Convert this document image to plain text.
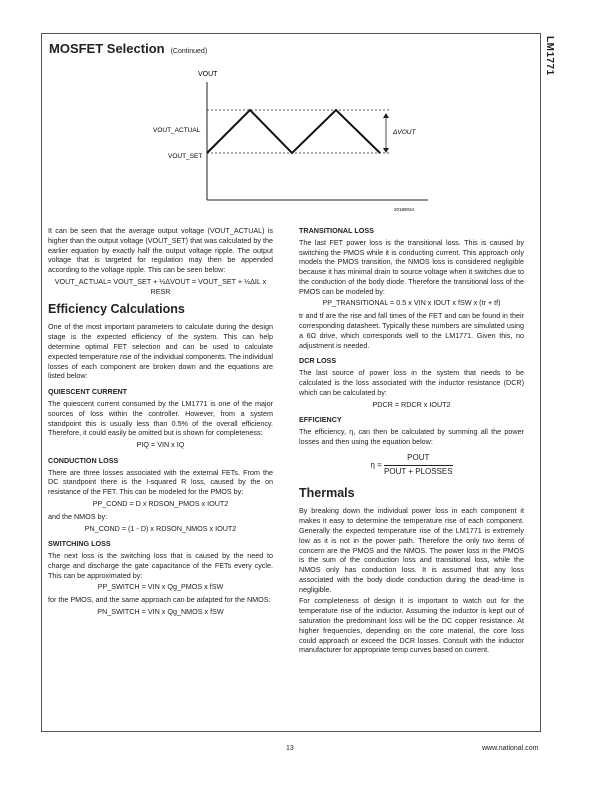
LM1771
MOSFET Selection (Continued)
VOUT
VOUT_ACTUAL
VOUT_SET
ΔVOUT
20189034

It can be seen that the average output voltage (VOUT_ACTUAL) is higher than the output voltage (VOUT_SET) that was calculated by the earlier equation by exactly half the output voltage ripple. The output voltage that is targeted for regulation may then be appended according to the voltage ripple. This can be seen below:

VOUT_ACTUAL= VOUT_SET + ½ΔVOUT = VOUT_SET + ½ΔIL x RESR
Efficiency Calculations

One of the most important parameters to calculate during the design stage is the expected efficiency of the system. This can help determine optimal FET selection and can be used to calculate expected temperature rise of the individual components. The individual losses of each component are broken down and the equations are listed below:

QUIESCENT CURRENT

The quiescent current consumed by the LM1771 is one of the major sources of loss within the controller. However, from a system standpoint this is usually less than 0.5% of the overall efficiency. Therefore, it could easily be omitted but is shown for completeness:

PIQ = VIN x IQ
CONDUCTION LOSS

There are three losses associated with the external FETs. From the DC standpoint there is the I-squared R loss, caused by the on resistance of the FET. This can be modeled for the PMOS by:

PP_COND = D x RDSON_PMOS x IOUT2

and the NMOS by:

PN_COND = (1 - D) x RDSON_NMOS x IOUT2
SWITCHING LOSS

The next loss is the switching loss that is caused by the need to charge and discharge the gate capacitance of the FETs every cycle. This can be approximated by:

PP_SWITCH = VIN x Qg_PMOS x fSW

for the PMOS, and the same approach can be adapted for the NMOS:

PN_SWITCH = VIN x Qg_NMOS x fSW
TRANSITIONAL LOSS

The last FET power loss is the transitional loss. This is caused by switching the PMOS while it is conducting current. This approach only models the PMOS transition, the NMOS loss is considered negligible because it has minimal drain to source voltage when it switches due to the conduction of the body diode. Therefore the transitional loss of the PMOS can be modeled by:

PP_TRANSITIONAL = 0.5 x VIN x IOUT x fSW x (tr + tf)

tr and tf are the rise and fall times of the FET and can be found in their corresponding datasheet. Typically these numbers are simulated using a 6Ω drive, which corresponds well to the LM1771. Given this, no adjustment is needed.

DCR LOSS

The last source of power loss in the system that needs to be calculated is the loss associated with the inductor resistance (DCR) which can be calculated by:

PDCR = RDCR x IOUT2
EFFICIENCY

The efficiency, η, can then be calculated by summing all the power losses and then using the equation below:

$\eta = \frac{\text{POUT}}{\text{POUT + PLOSSES}}$
Thermals

By breaking down the individual power loss in each component it makes it easy to determine the temperature rise of each component. Generally the expected temperature rise of the LM1771 is extremely low as it is not in the power path. Therefore the only two items of concern are the PMOS and the NMOS. The power loss in the PMOS is the sum of the conduction loss and transitional loss, while the NMOS only has conduction loss. It is assumed that any loss associated with the body diode conduction during the dead-time is negligible.

For completeness of design it is important to watch out for the temperature rise of the inductor. Assuming the inductor is kept out of saturation the predominant loss will be the DC copper resistance. At higher frequencies, depending on the core material, the core loss could approach or exceed the DCR losses. Consult with the inductor manufacturer for appropriate temp curves based on current.

13	www.national.com
